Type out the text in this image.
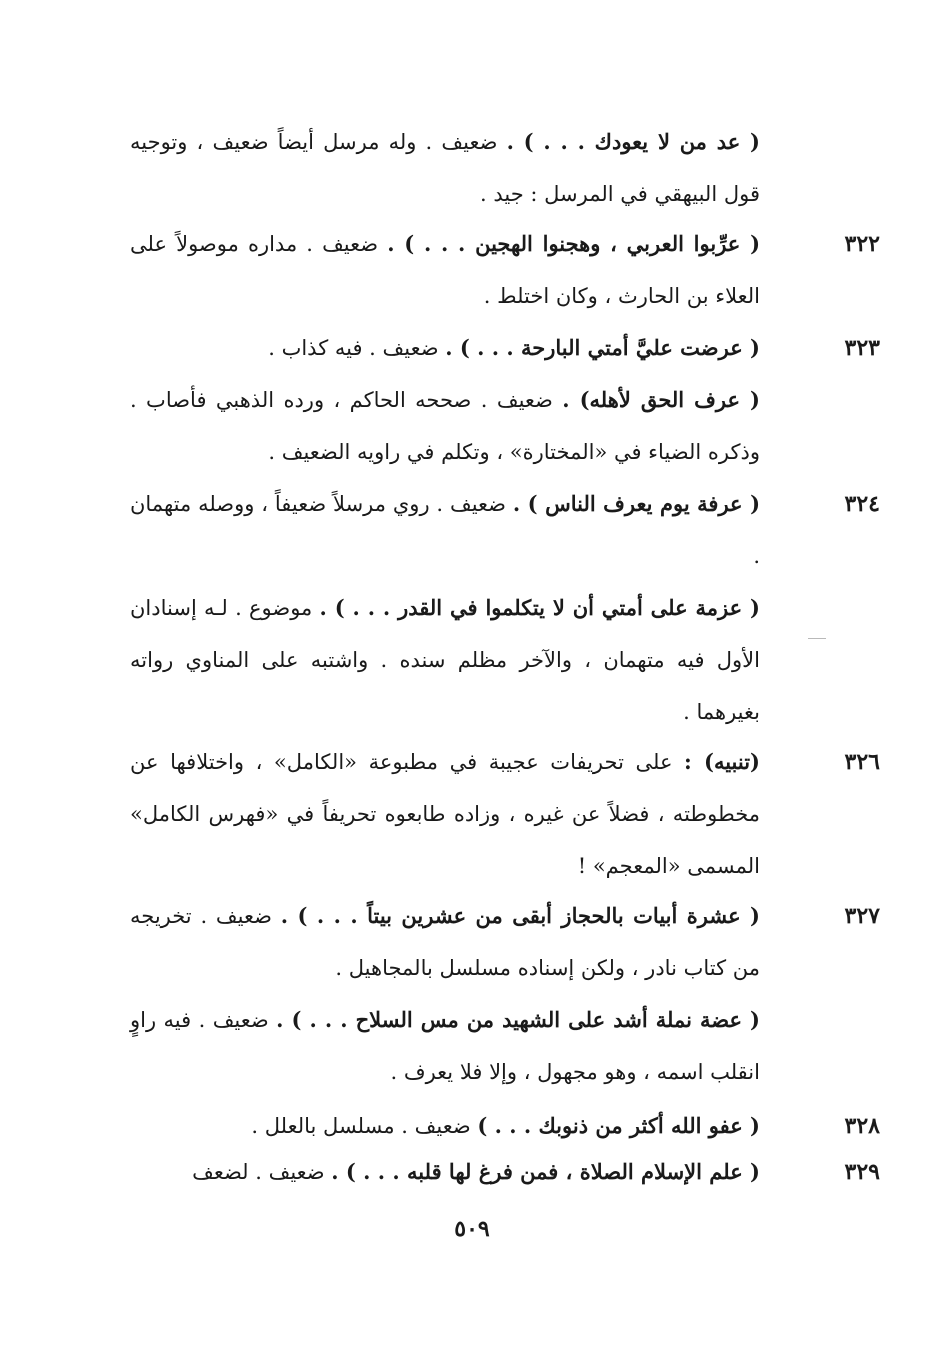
( عد من لا يعودك . . . ) . ضعيف . وله مرسل أيضاً ضعيف ، وتوجيه قول البيهقي في المرسل : جيد .
٣٢٢
( عرِّبوا العربي ، وهجنوا الهجين . . . ) . ضعيف . مداره موصولاً على العلاء بن الحارث ، وكان اختلط .
٣٢٣
( عرضت عليَّ أمتي البارحة . . . ) . ضعيف . فيه كذاب .
( عرف الحق لأهله) . ضعيف . صححه الحاكم ، ورده الذهبي فأصاب . وذكره الضياء في «المختارة» ، وتكلم في راويه الضعيف .
٣٢٤
( عرفة يوم يعرف الناس ) . ضعيف . روي مرسلاً ضعيفاً ، ووصله متهمان .
( عزمة على أمتي أن لا يتكلموا في القدر . . . ) . موضوع . لـه إسنادان الأول فيه متهمان ، والآخر مظلم سنده . واشتبه على المناوي رواته بغيرهما .
٣٢٦
(تنبيه) : على تحريفات عجيبة في مطبوعة «الكامل» ، واختلافها عن مخطوطته ، فضلاً عن غيره ، وزاده طابعوه تحريفاً في «فهرس الكامل» المسمى «المعجم» !
٣٢٧
( عشرة أبيات بالحجاز أبقى من عشرين بيتاً . . . ) . ضعيف . تخريجه من كتاب نادر ، ولكن إسناده مسلسل بالمجاهيل .
( عضة نملة أشد على الشهيد من مس السلاح . . . ) . ضعيف . فيه راوٍ انقلب اسمه ، وهو مجهول ، وإلا فلا يعرف .
٣٢٨
( عفو الله أكثر من ذنوبك . . . ) ضعيف . مسلسل بالعلل .
٣٢٩
( علم الإسلام الصلاة ، فمن فرغ لها قلبه . . . ) . ضعيف . لضعف
٥٠٩
